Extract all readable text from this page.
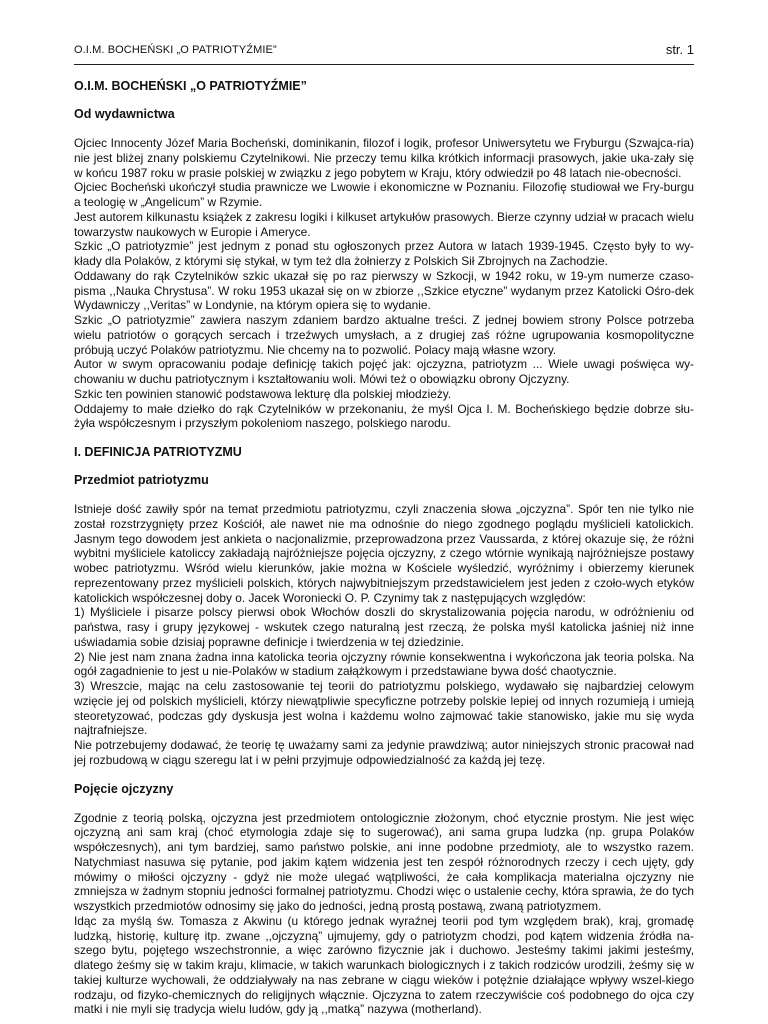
O.I.M. BOCHEŃSKI „O PATRIOTYŹMIE”	str. 1
O.I.M. BOCHEŃSKI „O PATRIOTYŹMIE”
Od wydawnictwa

Ojciec Innocenty Józef Maria Bocheński, dominikanin, filozof i logik, profesor Uniwersytetu we Fryburgu (Szwajca-ria) nie jest bliżej znany polskiemu Czytelnikowi. Nie przeczy temu kilka krótkich informacji prasowych, jakie uka-zały się w końcu 1987 roku w prasie polskiej w związku z jego pobytem w Kraju, który odwiedził po 48 latach nie-obecności.

Ojciec Bocheński ukończył studia prawnicze we Lwowie i ekonomiczne w Poznaniu. Filozofię studiował we Fry-burgu a teologię w „Angelicum” w Rzymie.

Jest autorem kilkunastu książek z zakresu logiki i kilkuset artykułów prasowych. Bierze czynny udział w pracach wielu towarzystw naukowych w Europie i Ameryce.

Szkic „O patriotyzmie” jest jednym z ponad stu ogłoszonych przez Autora w latach 1939-1945. Często były to wy-kłady dla Polaków, z którymi się stykał, w tym też dla żołnierzy z Polskich Sił Zbrojnych na Zachodzie.

Oddawany do rąk Czytelników szkic ukazał się po raz pierwszy w Szkocji, w 1942 roku, w 19-ym numerze czaso-pisma ,,Nauka Chrystusa”. W roku 1953 ukazał się on w zbiorze ,,Szkice etyczne” wydanym przez Katolicki Ośro-dek Wydawniczy ,,Veritas” w Londynie, na którym opiera się to wydanie.

Szkic „O patriotyzmie” zawiera naszym zdaniem bardzo aktualne treści. Z jednej bowiem strony Polsce potrzeba wielu patriotów o gorących sercach i trzeźwych umysłach, a z drugiej zaś różne ugrupowania kosmopolityczne próbują uczyć Polaków patriotyzmu. Nie chcemy na to pozwolić. Polacy mają własne wzory.

Autor w swym opracowaniu podaje definicję takich pojęć jak: ojczyzna, patriotyzm ... Wiele uwagi poświęca wy-chowaniu w duchu patriotycznym i kształtowaniu woli. Mówi też o obowiązku obrony Ojczyzny.

Szkic ten powinien stanowić podstawowa lekturę dla polskiej młodzieży.

Oddajemy to małe dziełko do rąk Czytelników w przekonaniu, że myśl Ojca I. M. Bocheńskiego będzie dobrze słu-żyła współczesnym i przyszłym pokoleniom naszego, polskiego narodu.

I. DEFINICJA PATRIOTYZMU
Przedmiot patriotyzmu

Istnieje dość zawiły spór na temat przedmiotu patriotyzmu, czyli znaczenia słowa „ojczyzna”. Spór ten nie tylko nie został rozstrzygnięty przez Kościół, ale nawet nie ma odnośnie do niego zgodnego poglądu myślicieli katolickich. Jasnym tego dowodem jest ankieta o nacjonalizmie, przeprowadzona przez Vaussarda, z której okazuje się, że różni wybitni myśliciele katoliccy zakładają najróżniejsze pojęcia ojczyzny, z czego wtórnie wynikają najróżniejsze postawy wobec patriotyzmu. Wśród wielu kierunków, jakie można w Kościele wyśledzić, wyróżnimy i obierzemy kierunek reprezentowany przez myślicieli polskich, których najwybitniejszym przedstawicielem jest jeden z czoło-wych etyków katolickich współczesnej doby o. Jacek Woroniecki O. P. Czynimy tak z następujących względów:

1) Myśliciele i pisarze polscy pierwsi obok Włochów doszli do skrystalizowania pojęcia narodu, w odróżnieniu od państwa, rasy i grupy językowej - wskutek czego naturalną jest rzeczą, że polska myśl katolicka jaśniej niż inne uświadamia sobie dzisiaj poprawne definicje i twierdzenia w tej dziedzinie.

2) Nie jest nam znana żadna inna katolicka teoria ojczyzny równie konsekwentna i wykończona jak teoria polska. Na ogół zagadnienie to jest u nie-Polaków w stadium załążkowym i przedstawiane bywa dość chaotycznie.

3) Wreszcie, mając na celu zastosowanie tej teorii do patriotyzmu polskiego, wydawało się najbardziej celowym wzięcie jej od polskich myślicieli, którzy niewątpliwie specyficzne potrzeby polskie lepiej od innych rozumieją i umieją steoretyzować, podczas gdy dyskusja jest wolna i każdemu wolno zajmować takie stanowisko, jakie mu się wyda najtrafniejsze.

Nie potrzebujemy dodawać, że teorię tę uważamy sami za jedynie prawdziwą; autor niniejszych stronic pracował nad jej rozbudową w ciągu szeregu lat i w pełni przyjmuje odpowiedzialność za każdą jej tezę.

Pojęcie ojczyzny

Zgodnie z teorią polską, ojczyzna jest przedmiotem ontologicznie złożonym, choć etycznie prostym. Nie jest więc ojczyzną ani sam kraj (choć etymologia zdaje się to sugerować), ani sama grupa ludzka (np. grupa Polaków współczesnych), ani tym bardziej, samo państwo polskie, ani inne podobne przedmioty, ale to wszystko razem. Natychmiast nasuwa się pytanie, pod jakim kątem widzenia jest ten zespół różnorodnych rzeczy i cech ujęty, gdy mówimy o miłości ojczyzny - gdyż nie może ulegać wątpliwości, że cała komplikacja materialna ojczyzny nie zmniejsza w żadnym stopniu jedności formalnej patriotyzmu. Chodzi więc o ustalenie cechy, która sprawia, że do tych wszystkich przedmiotów odnosimy się jako do jedności, jedną prostą postawą, zwaną patriotyzmem.

Idąc za myślą św. Tomasza z Akwinu (u którego jednak wyraźnej teorii pod tym względem brak), kraj, gromadę ludzką, historię, kulturę itp. zwane ,,ojczyzną” ujmujemy, gdy o patriotyzm chodzi, pod kątem widzenia źródła na-szego bytu, pojętego wszechstronnie, a więc zarówno fizycznie jak i duchowo. Jesteśmy takimi jakimi jesteśmy, dlatego żeśmy się w takim kraju, klimacie, w takich warunkach biologicznych i z takich rodziców urodzili, żeśmy się w takiej kulturze wychowali, że oddziaływały na nas zebrane w ciągu wieków i potężnie działające wpływy wszel-kiego rodzaju, od fizyko-chemicznych do religijnych włącznie. Ojczyzna to zatem rzeczywiście coś podobnego do ojca czy matki i nie myli się tradycja wielu ludów, gdy ją ,,matką” nazywa (motherland).
